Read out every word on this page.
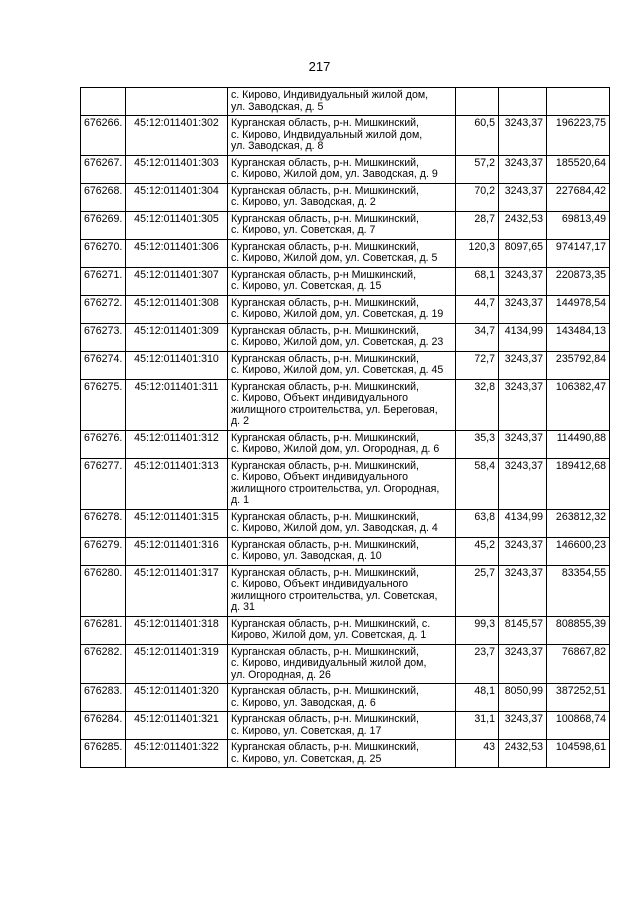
217

		с. Кирово, Индивидуальный жилой дом,
ул. Заводская, д. 5			

676266.	45:12:011401:302	Курганская область, р-н. Мишкинский,
с. Кирово, Индвидуальный жилой дом,
ул. Заводская, д. 8	60,5	3243,37	196223,75
676267.	45:12:011401:303	Курганская область, р-н. Мишкинский,
с. Кирово, Жилой дом, ул. Заводская, д. 9	57,2	3243,37	185520,64
676268.	45:12:011401:304	Курганская область, р-н. Мишкинский,
с. Кирово, ул. Заводская, д. 2	70,2	3243,37	227684,42
676269.	45:12:011401:305	Курганская область, р-н. Мишкинский,
с. Кирово, ул. Советская, д. 7	28,7	2432,53	69813,49
676270.	45:12:011401:306	Курганская область, р-н. Мишкинский,
с. Кирово, Жилой дом, ул. Советская, д. 5	120,3	8097,65	974147,17
676271.	45:12:011401:307	Курганская область, р-н Мишкинский,
с. Кирово, ул. Советская, д. 15	68,1	3243,37	220873,35
676272.	45:12:011401:308	Курганская область, р-н. Мишкинский,
с. Кирово, Жилой дом, ул. Советская, д. 19	44,7	3243,37	144978,54
676273.	45:12:011401:309	Курганская область, р-н. Мишкинский,
с. Кирово, Жилой дом, ул. Советская, д. 23	34,7	4134,99	143484,13
676274.	45:12:011401:310	Курганская область, р-н. Мишкинский,
с. Кирово, Жилой дом, ул. Советская, д. 45	72,7	3243,37	235792,84
676275.	45:12:011401:311	Курганская область, р-н. Мишкинский,
с. Кирово, Объект индивидуального
жилищного строительства, ул. Береговая,
д. 2	32,8	3243,37	106382,47
676276.	45:12:011401:312	Курганская область, р-н. Мишкинский,
с. Кирово, Жилой дом, ул. Огородная, д. 6	35,3	3243,37	114490,88
676277.	45:12:011401:313	Курганская область, р-н. Мишкинский,
с. Кирово, Объект индивидуального
жилищного строительства, ул. Огородная,
д. 1	58,4	3243,37	189412,68
676278.	45:12:011401:315	Курганская область, р-н. Мишкинский,
с. Кирово, Жилой дом, ул. Заводская, д. 4	63,8	4134,99	263812,32
676279.	45:12:011401:316	Курганская область, р-н. Мишкинский,
с. Кирово, ул. Заводская, д. 10	45,2	3243,37	146600,23
676280.	45:12:011401:317	Курганская область, р-н. Мишкинский,
с. Кирово, Объект индивидуального
жилищного строительства, ул. Советская,
д. 31	25,7	3243,37	83354,55
676281.	45:12:011401:318	Курганская область, р-н. Мишкинский, с.
Кирово, Жилой дом, ул. Советская, д. 1	99,3	8145,57	808855,39
676282.	45:12:011401:319	Курганская область, р-н. Мишкинский,
с. Кирово, индивидуальный жилой дом,
ул. Огородная, д. 26	23,7	3243,37	76867,82
676283.	45:12:011401:320	Курганская область, р-н. Мишкинский,
с. Кирово, ул. Заводская, д. 6	48,1	8050,99	387252,51
676284.	45:12:011401:321	Курганская область, р-н. Мишкинский,
с. Кирово, ул. Советская, д. 17	31,1	3243,37	100868,74
676285.	45:12:011401:322	Курганская область, р-н. Мишкинский,
с. Кирово, ул. Советская, д. 25	43	2432,53	104598,61
